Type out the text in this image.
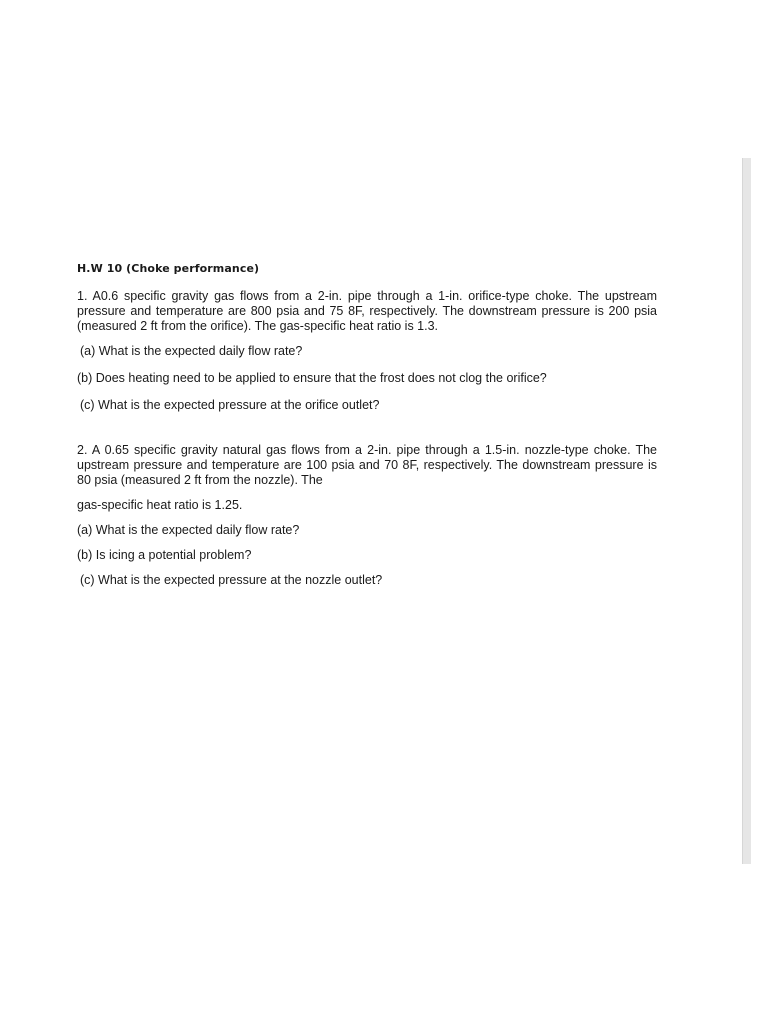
H.W 10 (Choke performance)

1. A0.6 specific gravity gas flows from a 2-in. pipe through a 1-in. orifice-type choke. The upstream pressure and temperature are 800 psia and 75 8F, respectively. The downstream pressure is 200 psia (measured 2 ft from the orifice). The gas-specific heat ratio is 1.3.

(a) What is the expected daily flow rate?

(b) Does heating need to be applied to ensure that the frost does not clog the orifice?

(c) What is the expected pressure at the orifice outlet?

2. A 0.65 specific gravity natural gas flows from a 2-in. pipe through a 1.5-in. nozzle-type choke. The upstream pressure and temperature are 100 psia and 70 8F, respectively. The downstream pressure is 80 psia (measured 2 ft from the nozzle). The

gas-specific heat ratio is 1.25.

(a) What is the expected daily flow rate?

(b) Is icing a potential problem?

(c) What is the expected pressure at the nozzle outlet?
